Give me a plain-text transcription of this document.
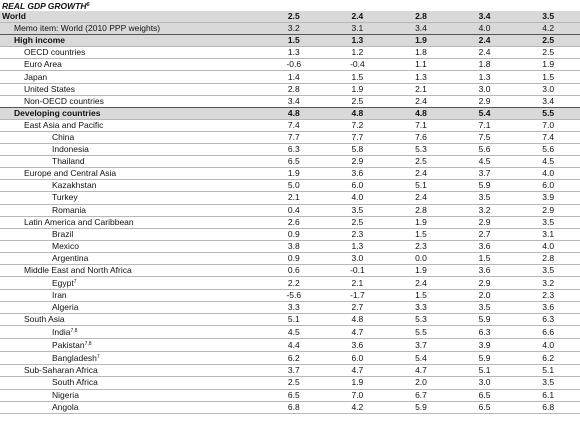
REAL GDP GROWTH$^6$
World	2.5	2.4	2.8	3.4	3.5
Memo item: World (2010 PPP weights)	3.2	3.1	3.4	4.0	4.2
High income	1.5	1.3	1.9	2.4	2.5
OECD countries	1.3	1.2	1.8	2.4	2.5
Euro Area	-0.6	-0.4	1.1	1.8	1.9
Japan	1.4	1.5	1.3	1.3	1.5
United States	2.8	1.9	2.1	3.0	3.0
Non-OECD countries	3.4	2.5	2.4	2.9	3.4
Developing countries	4.8	4.8	4.8	5.4	5.5
East Asia and Pacific	7.4	7.2	7.1	7.1	7.0
China	7.7	7.7	7.6	7.5	7.4
Indonesia	6.3	5.8	5.3	5.6	5.6
Thailand	6.5	2.9	2.5	4.5	4.5
Europe and Central Asia	1.9	3.6	2.4	3.7	4.0
Kazakhstan	5.0	6.0	5.1	5.9	6.0
Turkey	2.1	4.0	2.4	3.5	3.9
Romania	0.4	3.5	2.8	3.2	2.9
Latin America and Caribbean	2.6	2.5	1.9	2.9	3.5
Brazil	0.9	2.3	1.5	2.7	3.1
Mexico	3.8	1.3	2.3	3.6	4.0
Argentina	0.9	3.0	0.0	1.5	2.8
Middle East and North Africa	0.6	-0.1	1.9	3.6	3.5
Egypt$^7$	2.2	2.1	2.4	2.9	3.2
Iran	-5.6	-1.7	1.5	2.0	2.3
Algeria	3.3	2.7	3.3	3.5	3.6
South Asia	5.1	4.8	5.3	5.9	6.3
India$^{7,8}$	4.5	4.7	5.5	6.3	6.6
Pakistan$^{7,8}$	4.4	3.6	3.7	3.9	4.0
Bangladesh$^7$	6.2	6.0	5.4	5.9	6.2
Sub-Saharan Africa	3.7	4.7	4.7	5.1	5.1
South Africa	2.5	1.9	2.0	3.0	3.5
Nigeria	6.5	7.0	6.7	6.5	6.1
Angola	6.8	4.2	5.9	6.5	6.8
